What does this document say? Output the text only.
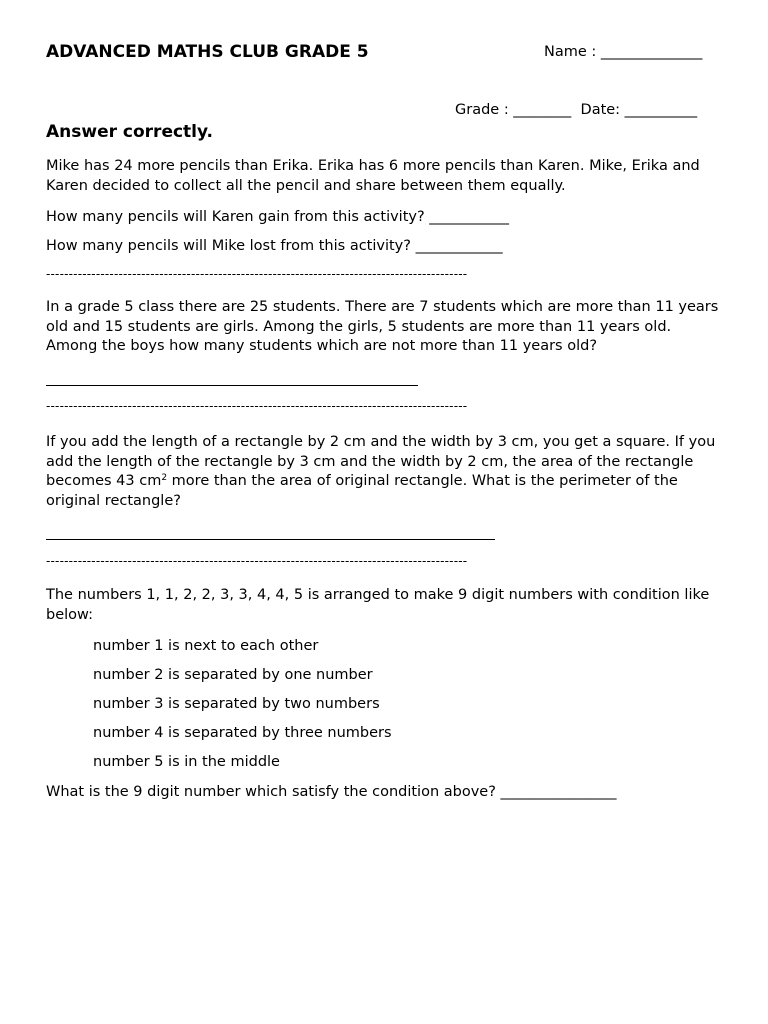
ADVANCED MATHS CLUB GRADE 5	Name : ______________
Grade : ________  Date: __________
Answer correctly.
Mike has 24 more pencils than Erika. Erika has 6 more pencils than Karen. Mike, Erika and Karen decided to collect all the pencil and share between them equally.
How many pencils will Karen gain from this activity? ___________
How many pencils will Mike lost from this activity? ____________
---------------------------------------------------------------------------------------------
In a grade 5 class there are 25 students. There are 7 students which are more than 11 years old and 15 students are girls. Among the girls, 5 students are more than 11 years old. Among the boys how many students which are not more than 11 years old?
---------------------------------------------------------------------------------------------
If you add the length of a rectangle by 2 cm and the width by 3 cm, you get a square. If you add the length of the rectangle by 3 cm and the width by 2 cm, the area of the rectangle becomes 43 $cm^2$ more than the area of original rectangle. What is the perimeter of the original rectangle?
---------------------------------------------------------------------------------------------
The numbers 1, 1, 2, 2, 3, 3, 4, 4, 5 is arranged to make 9 digit numbers with condition like below:
number 1 is next to each other
number 2 is separated by one number
number 3 is separated by two numbers
number 4 is separated by three numbers
number 5 is in the middle
What is the 9 digit number which satisfy the condition above? ________________
